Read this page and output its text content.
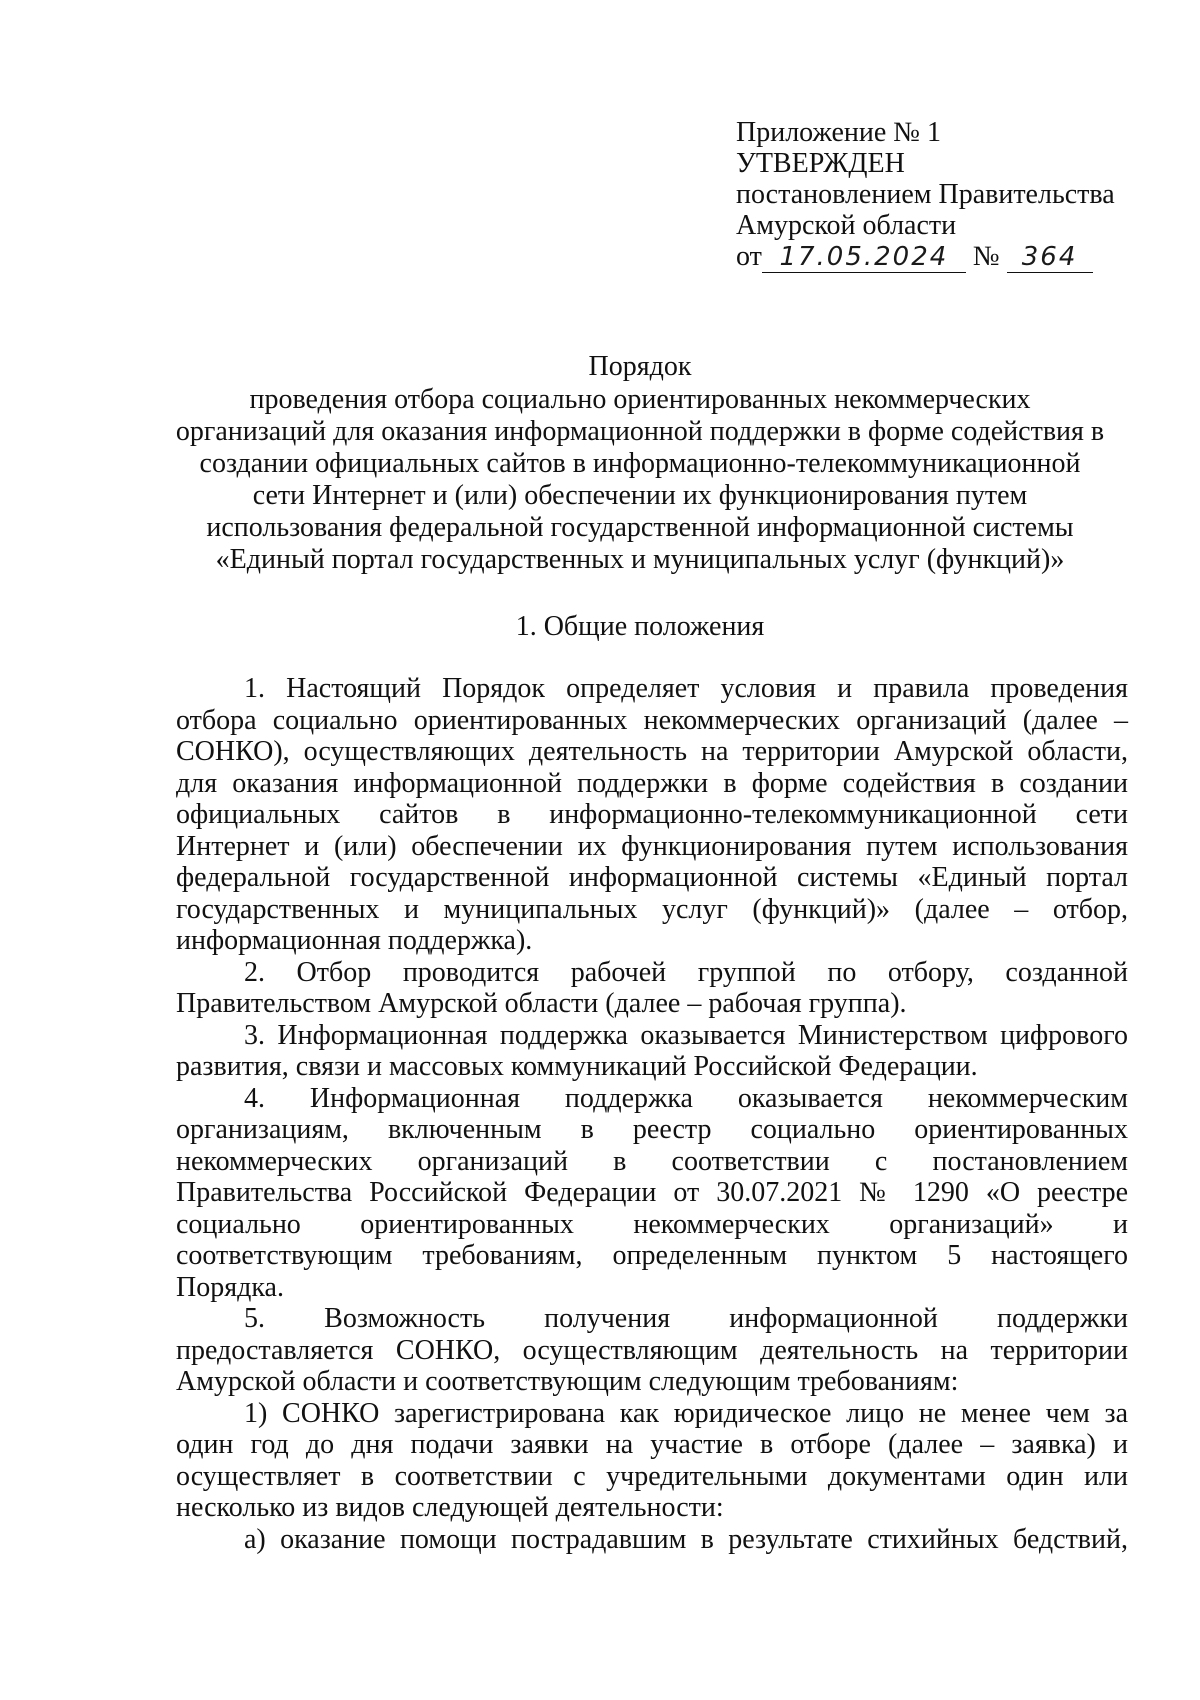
Приложение № 1
УТВЕРЖДЕН
постановлением Правительства
Амурской области
от 17.05.2024 № 364
Порядок
проведения отбора социально ориентированных некоммерческих
организаций для оказания информационной поддержки в форме содействия в
создании официальных сайтов в информационно-телекоммуникационной
сети Интернет и (или) обеспечении их функционирования путем
использования федеральной государственной информационной системы
«Единый портал государственных и муниципальных услуг (функций)»
1. Общие положения
1. Настоящий Порядок определяет условия и правила проведения
отбора социально ориентированных некоммерческих организаций (далее –
СОНКО), осуществляющих деятельность на территории Амурской области,
для оказания информационной поддержки в форме содействия в создании
официальных сайтов в информационно-телекоммуникационной сети
Интернет и (или) обеспечении их функционирования путем использования
федеральной государственной информационной системы «Единый портал
государственных и муниципальных услуг (функций)» (далее – отбор,
информационная поддержка).
2. Отбор проводится рабочей группой по отбору, созданной
Правительством Амурской области (далее – рабочая группа).
3. Информационная поддержка оказывается Министерством цифрового
развития, связи и массовых коммуникаций Российской Федерации.
4. Информационная поддержка оказывается некоммерческим
организациям, включенным в реестр социально ориентированных
некоммерческих организаций в соответствии с постановлением
Правительства Российской Федерации от 30.07.2021 № 1290 «О реестре
социально ориентированных некоммерческих организаций» и
соответствующим требованиям, определенным пунктом 5 настоящего
Порядка.
5. Возможность получения информационной поддержки
предоставляется СОНКО, осуществляющим деятельность на территории
Амурской области и соответствующим следующим требованиям:
1) СОНКО зарегистрирована как юридическое лицо не менее чем за
один год до дня подачи заявки на участие в отборе (далее – заявка) и
осуществляет в соответствии с учредительными документами один или
несколько из видов следующей деятельности:
а) оказание помощи пострадавшим в результате стихийных бедствий,
